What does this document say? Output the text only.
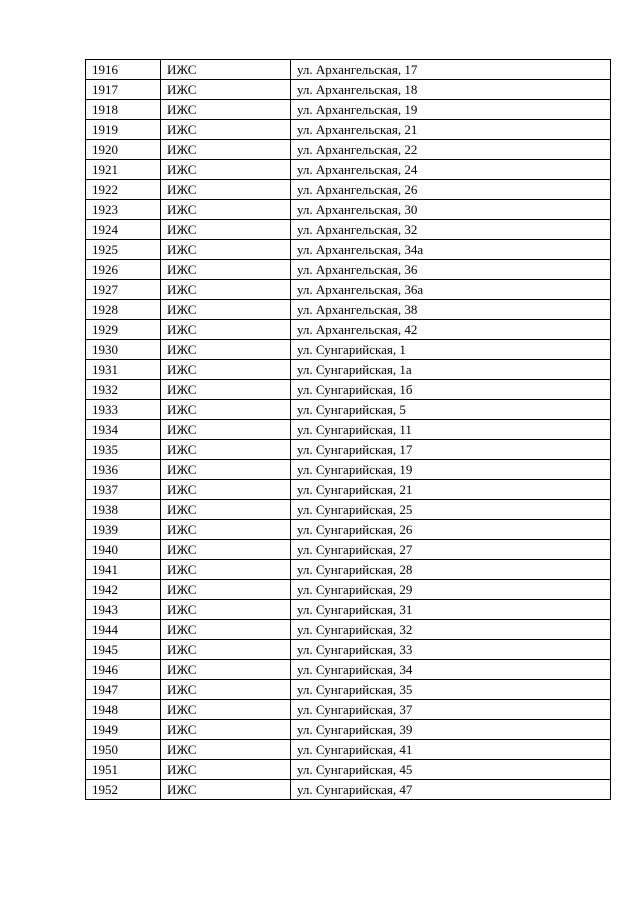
1916	ИЖС	ул. Архангельская, 17
1917	ИЖС	ул. Архангельская, 18
1918	ИЖС	ул. Архангельская, 19
1919	ИЖС	ул. Архангельская, 21
1920	ИЖС	ул. Архангельская, 22
1921	ИЖС	ул. Архангельская, 24
1922	ИЖС	ул. Архангельская, 26
1923	ИЖС	ул. Архангельская, 30
1924	ИЖС	ул. Архангельская, 32
1925	ИЖС	ул. Архангельская, 34а
1926	ИЖС	ул. Архангельская, 36
1927	ИЖС	ул. Архангельская, 36а
1928	ИЖС	ул. Архангельская, 38
1929	ИЖС	ул. Архангельская, 42
1930	ИЖС	ул. Сунгарийская, 1
1931	ИЖС	ул. Сунгарийская, 1а
1932	ИЖС	ул. Сунгарийская, 1б
1933	ИЖС	ул. Сунгарийская, 5
1934	ИЖС	ул. Сунгарийская, 11
1935	ИЖС	ул. Сунгарийская, 17
1936	ИЖС	ул. Сунгарийская, 19
1937	ИЖС	ул. Сунгарийская, 21
1938	ИЖС	ул. Сунгарийская, 25
1939	ИЖС	ул. Сунгарийская, 26
1940	ИЖС	ул. Сунгарийская, 27
1941	ИЖС	ул. Сунгарийская, 28
1942	ИЖС	ул. Сунгарийская, 29
1943	ИЖС	ул. Сунгарийская, 31
1944	ИЖС	ул. Сунгарийская, 32
1945	ИЖС	ул. Сунгарийская, 33
1946	ИЖС	ул. Сунгарийская, 34
1947	ИЖС	ул. Сунгарийская, 35
1948	ИЖС	ул. Сунгарийская, 37
1949	ИЖС	ул. Сунгарийская, 39
1950	ИЖС	ул. Сунгарийская, 41
1951	ИЖС	ул. Сунгарийская, 45
1952	ИЖС	ул. Сунгарийская, 47
